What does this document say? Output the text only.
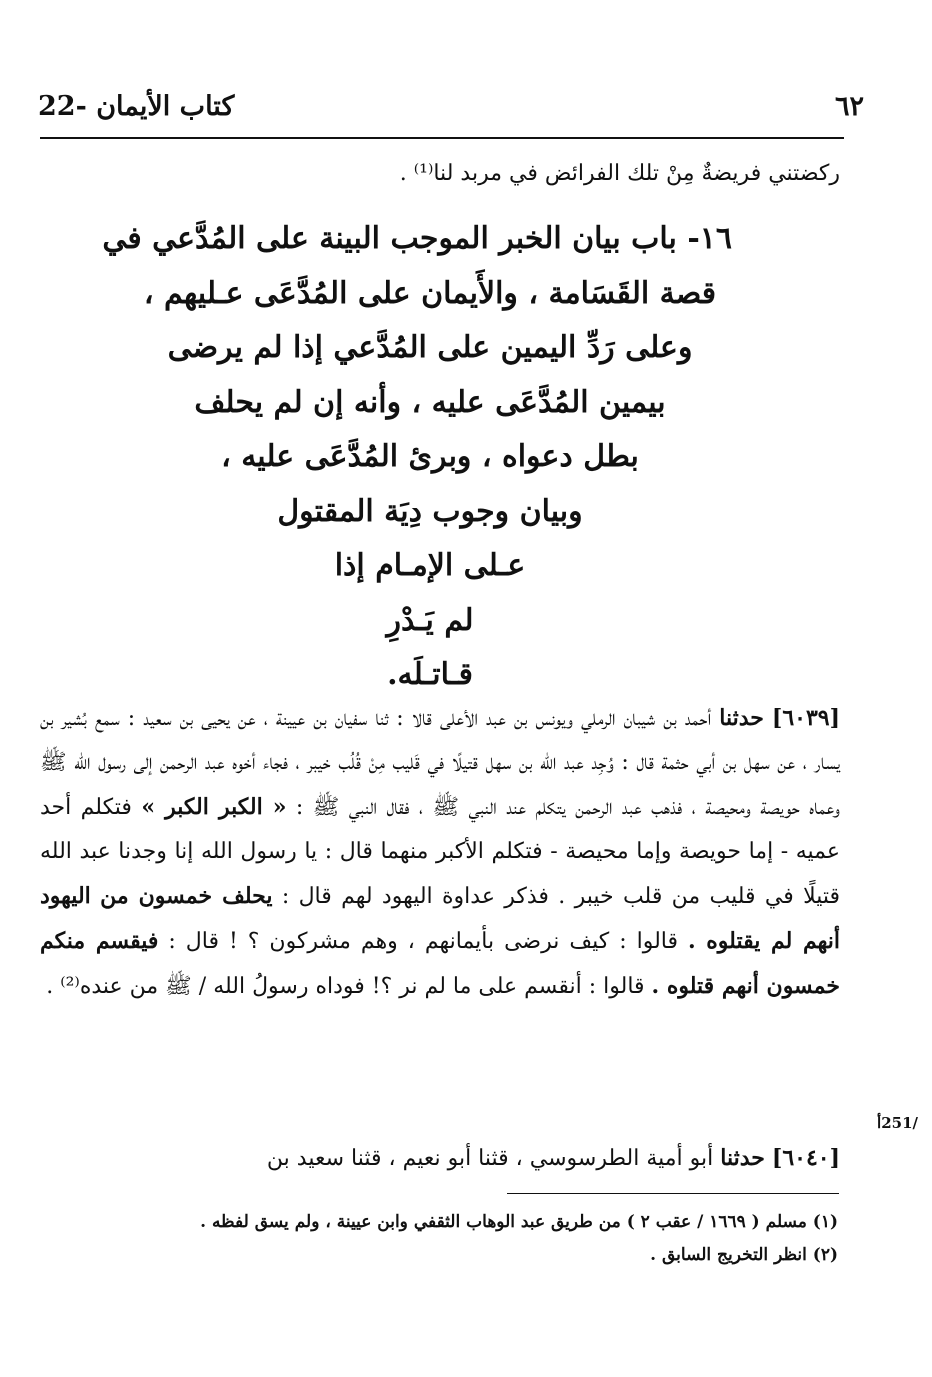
22- كتاب الأيمان	٦٢
ركضتني فريضةٌ مِنْ تلك الفرائض في مربد لنا⁽¹⁾ .
١٦- باب بيان الخبر الموجب البينة على المُدَّعي في
قصة القَسَامة ، والأَيمان على المُدَّعَى عـليهم ،
وعلى رَدِّ اليمين على المُدَّعي إذا لم يرضى
بيمين المُدَّعَى عليه ، وأنه إن لم يحلف
بطل دعواه ، وبرئ المُدَّعَى عليه ،
وبيان وجوب دِيَة المقتول
عـلى الإمـام إذا
لم يَـدْرِ
قـاتـلَه.
[٦٠٣٩] حدثنا أحمد بن شيبان الرملي ويونس بن عبد الأعلى قالا : ثنا سفيان بن عيينة ، عن يحيى بن سعيد : سمع بُشير بن يسار ، عن سهل بن أبي حثمة قال : وُجِد عبد الله بن سهل قتيلًا في قَليب مِنْ قُلُب خيبر ، فجاء أخوه عبد الرحمن إلى رسول الله ﷺ وعماه حويصة ومحيصة ، فذهب عبد الرحمن يتكلم عند النبي ﷺ ، فقال النبي ﷺ : « الكبر الكبر » فتكلم أحد عميه - إما حويصة وإما محيصة - فتكلم الأكبر منهما قال : يا رسول الله إنا وجدنا عبد الله قتيلًا في قليب من قلب خيبر . فذكر عداوة اليهود لهم قال : يحلف خمسون من اليهود أنهم لم يقتلوه . قالوا : كيف نرضى بأيمانهم ، وهم مشركون ؟ ! قال : فيقسم منكم خمسون أنهم قتلوه . قالوا : أنقسم على ما لم نر ؟! فوداه رسولُ الله / ﷺ من عنده⁽²⁾ .
/251أ
[٦٠٤٠] حدثنا أبو أمية الطرسوسي ، قثنا أبو نعيم ، قثنا سعيد بن
(١) مسلم ( ١٦٦٩ / عقب ٢ ) من طريق عبد الوهاب الثقفي وابن عيينة ، ولم يسق لفظه .
(٢) انظر التخريج السابق .
